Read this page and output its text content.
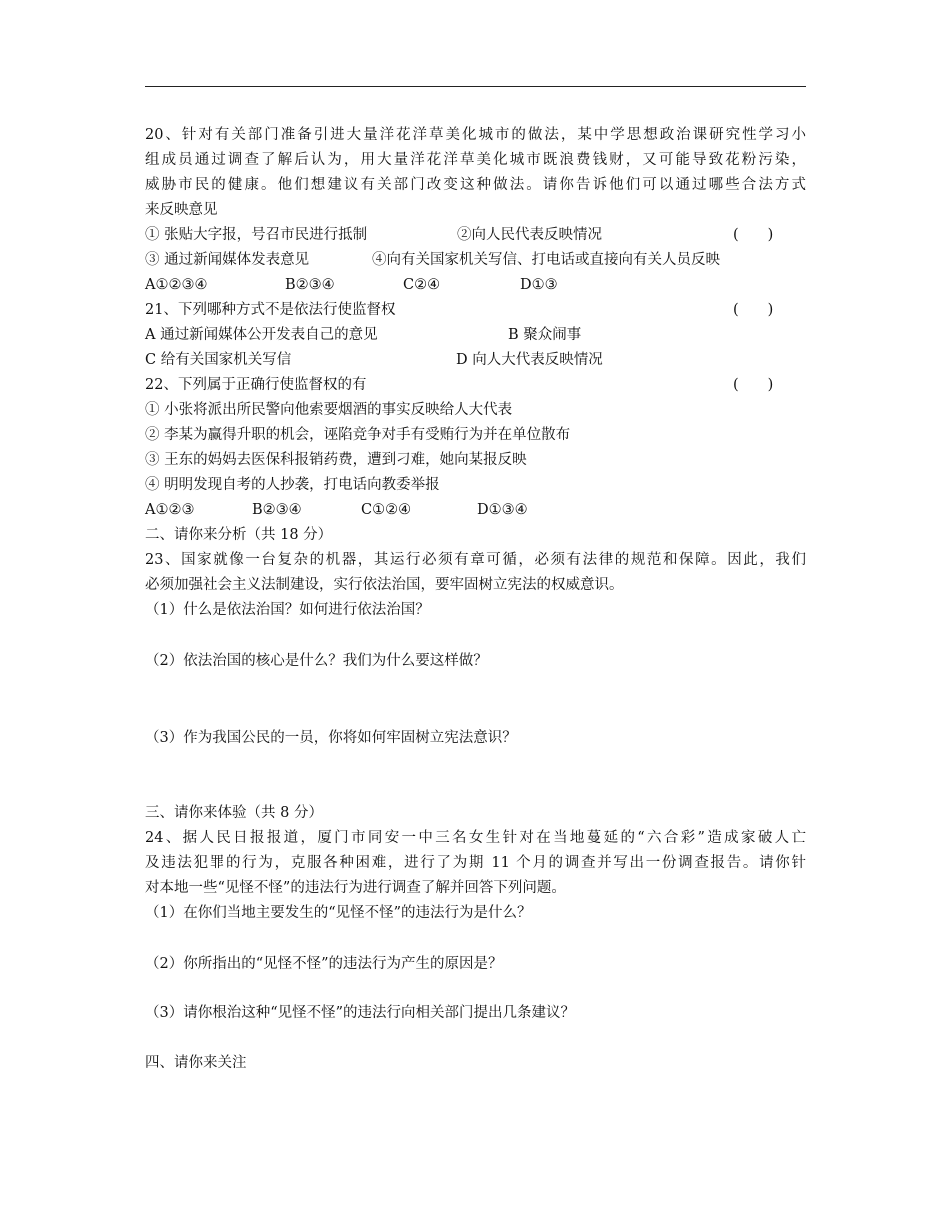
20、针对有关部门准备引进大量洋花洋草美化城市的做法，某中学思想政治课研究性学习小
组成员通过调查了解后认为，用大量洋花洋草美化城市既浪费钱财，又可能导致花粉污染，
威胁市民的健康。他们想建议有关部门改变这种做法。请你告诉他们可以通过哪些合法方式
来反映意见
① 张贴大字报，号召市民进行抵制	②向人民代表反映情况	(　　)
③ 通过新闻媒体发表意见	④向有关国家机关写信、打电话或直接向有关人员反映
A①②③④	B②③④	C②④	D①③
21、下列哪种方式不是依法行使监督权	(　　)
A 通过新闻媒体公开发表自己的意见	B 聚众闹事
C 给有关国家机关写信	D 向人大代表反映情况
22、下列属于正确行使监督权的有	(　　)
① 小张将派出所民警向他索要烟酒的事实反映给人大代表
② 李某为赢得升职的机会，诬陷竞争对手有受贿行为并在单位散布
③ 王东的妈妈去医保科报销药费，遭到刁难，她向某报反映
④ 明明发现自考的人抄袭，打电话向教委举报
A①②③	B②③④	C①②④	D①③④
二、请你来分析（共 18 分）
23、国家就像一台复杂的机器，其运行必须有章可循，必须有法律的规范和保障。因此，我们
必须加强社会主义法制建设，实行依法治国，要牢固树立宪法的权威意识。
（1）什么是依法治国？如何进行依法治国？
（2）依法治国的核心是什么？我们为什么要这样做？
（3）作为我国公民的一员，你将如何牢固树立宪法意识？
三、请你来体验（共 8 分）
24、据人民日报报道，厦门市同安一中三名女生针对在当地蔓延的“六合彩”造成家破人亡
及违法犯罪的行为，克服各种困难，进行了为期 11 个月的调查并写出一份调查报告。请你针
对本地一些“见怪不怪”的违法行为进行调查了解并回答下列问题。
（1）在你们当地主要发生的“见怪不怪”的违法行为是什么？
（2）你所指出的“见怪不怪”的违法行为产生的原因是？
（3）请你根治这种“见怪不怪”的违法行向相关部门提出几条建议？
四、请你来关注
